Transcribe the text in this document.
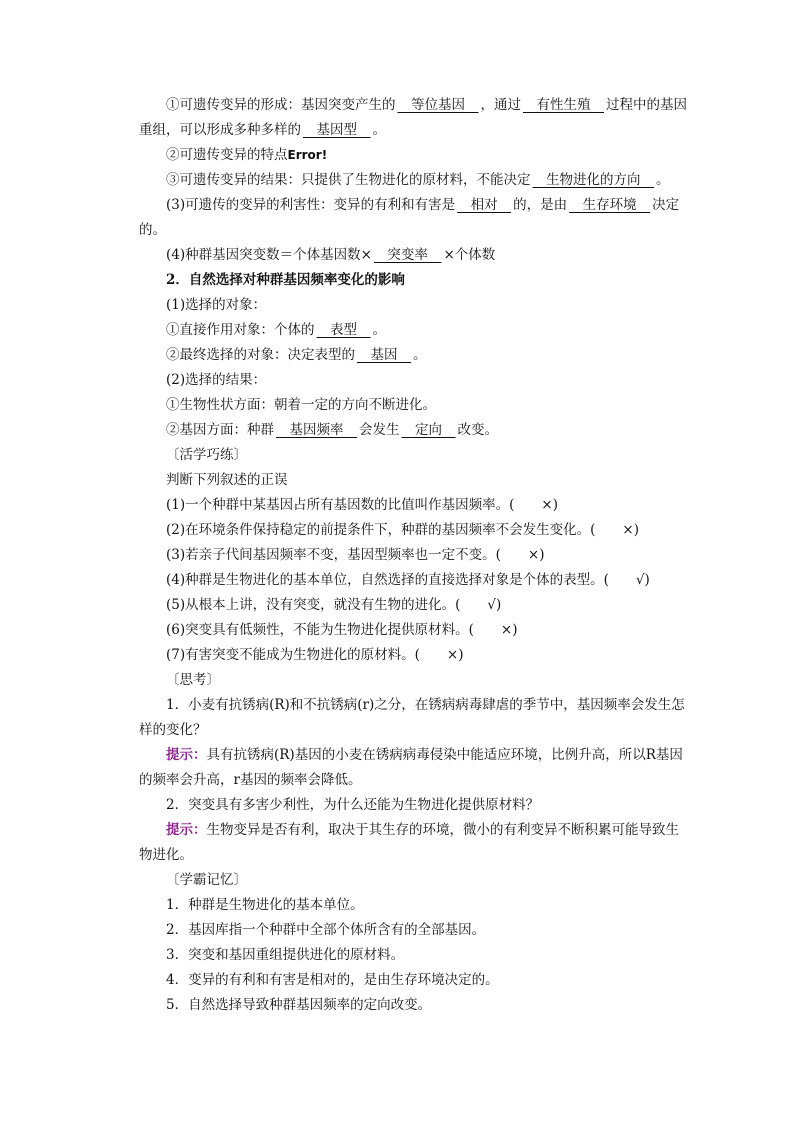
①可遗传变异的形成：基因突变产生的　等位基因　，通过　有性生殖　过程中的基因

重组，可以形成多种多样的　基因型　。

②可遗传变异的特点Error!

③可遗传变异的结果：只提供了生物进化的原材料，不能决定　生物进化的方向　。

(3)可遗传的变异的利害性：变异的有利和有害是　相对　的，是由　生存环境　决定的。

(4)种群基因突变数＝个体基因数×　突变率　×个体数

2．自然选择对种群基因频率变化的影响

(1)选择的对象：

①直接作用对象：个体的　表型　。

②最终选择的对象：决定表型的　基因　。

(2)选择的结果：

①生物性状方面：朝着一定的方向不断进化。

②基因方面：种群　基因频率　会发生　定向　改变。

〔活学巧练〕

判断下列叙述的正误

(1)一个种群中某基因占所有基因数的比值叫作基因频率。( ×)

(2)在环境条件保持稳定的前提条件下，种群的基因频率不会发生变化。( ×)

(3)若亲子代间基因频率不变，基因型频率也一定不变。( ×)

(4)种群是生物进化的基本单位，自然选择的直接选择对象是个体的表型。( √)

(5)从根本上讲，没有突变，就没有生物的进化。( √)

(6)突变具有低频性，不能为生物进化提供原材料。( ×)

(7)有害突变不能成为生物进化的原材料。( ×)

〔思考〕

1．小麦有抗锈病(R)和不抗锈病(r)之分，在锈病病毒肆虐的季节中，基因频率会发生怎样的变化？

提示：具有抗锈病(R)基因的小麦在锈病病毒侵染中能适应环境，比例升高，所以R基因的频率会升高，r基因的频率会降低。

2．突变具有多害少利性，为什么还能为生物进化提供原材料？

提示：生物变异是否有利，取决于其生存的环境，微小的有利变异不断积累可能导致生物进化。

〔学霸记忆〕

1．种群是生物进化的基本单位。

2．基因库指一个种群中全部个体所含有的全部基因。

3．突变和基因重组提供进化的原材料。

4．变异的有利和有害是相对的，是由生存环境决定的。

5．自然选择导致种群基因频率的定向改变。
